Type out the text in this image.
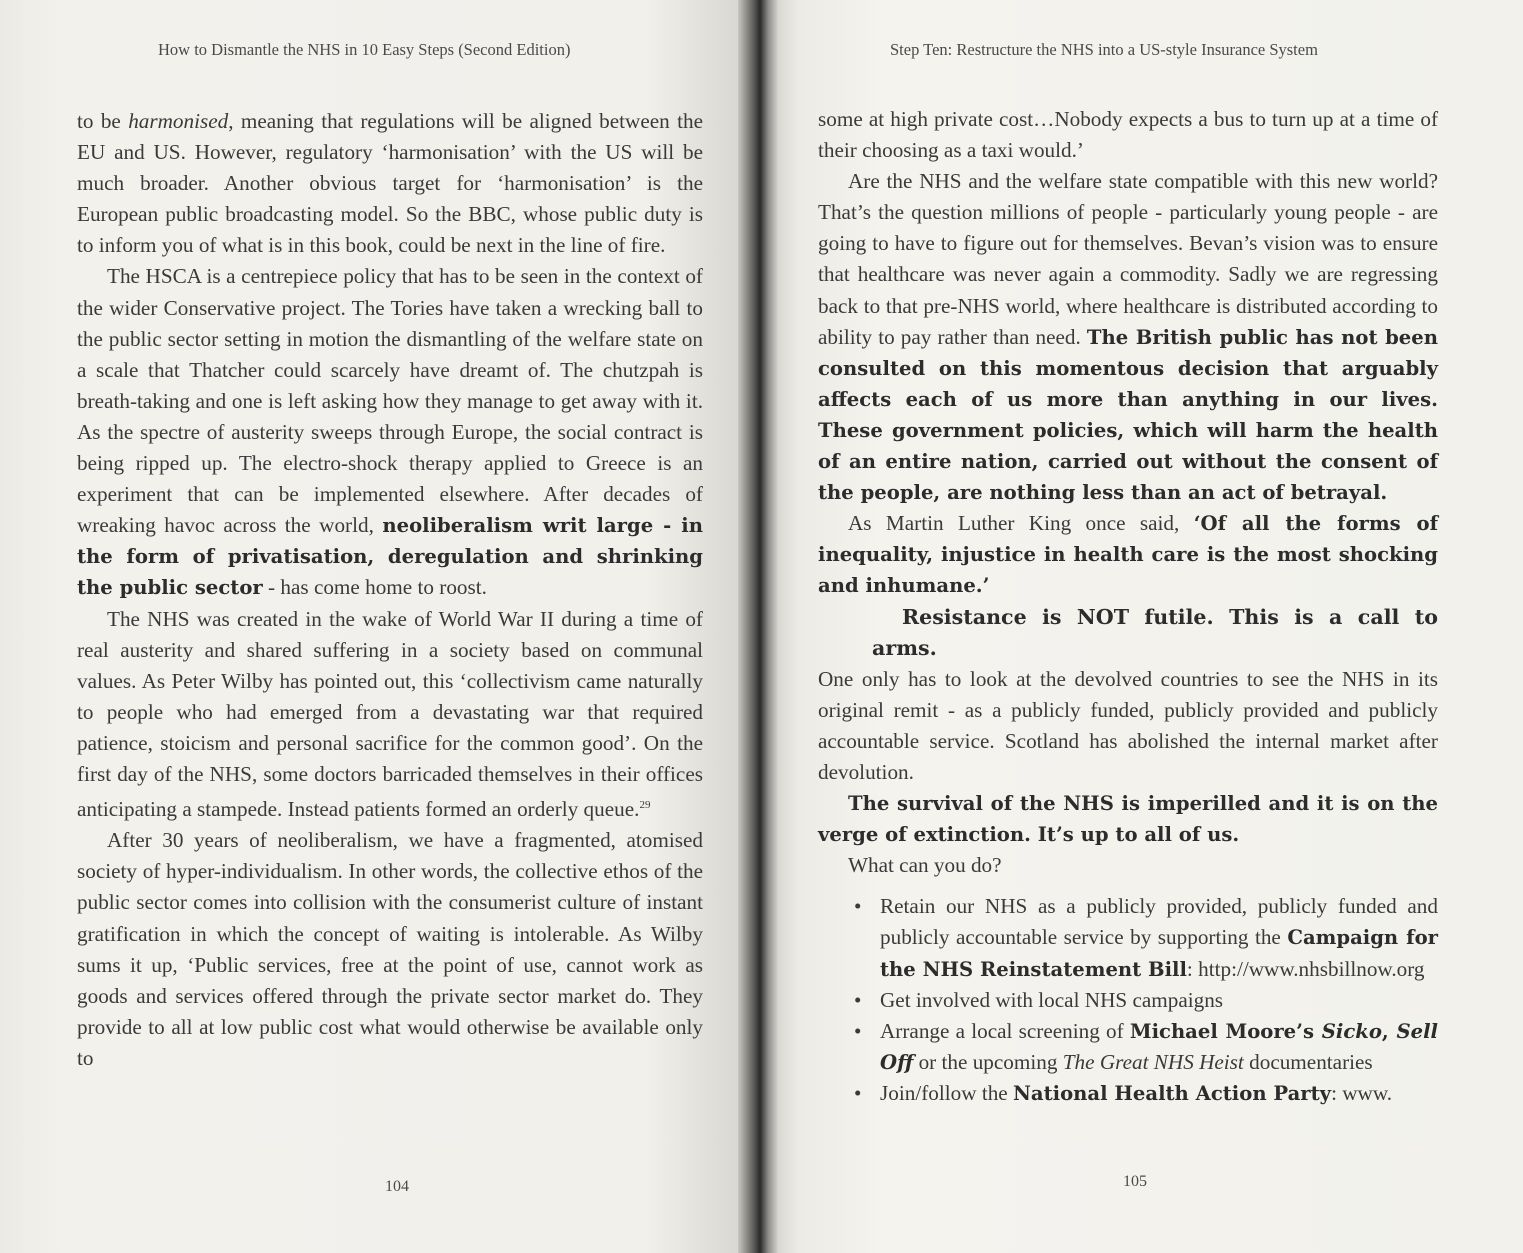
How to Dismantle the NHS in 10 Easy Steps (Second Edition)

to be harmonised, meaning that regulations will be aligned between the EU and US. However, regulatory ‘harmonisation’ with the US will be much broader. Another obvious target for ‘harmonisation’ is the European public broadcasting model. So the BBC, whose public duty is to inform you of what is in this book, could be next in the line of fire.

The HSCA is a centrepiece policy that has to be seen in the context of the wider Conservative project. The Tories have taken a wrecking ball to the public sector setting in motion the dismantling of the welfare state on a scale that Thatcher could scarcely have dreamt of. The chutzpah is breath-taking and one is left asking how they manage to get away with it. As the spectre of austerity sweeps through Europe, the social contract is being ripped up. The electro-shock therapy applied to Greece is an experiment that can be implemented elsewhere. After decades of wreaking havoc across the world, neoliberalism writ large - in the form of privatisation, deregulation and shrinking the public sector - has come home to roost.

The NHS was created in the wake of World War II during a time of real austerity and shared suffering in a society based on communal values. As Peter Wilby has pointed out, this ‘collectivism came naturally to people who had emerged from a devastating war that required patience, stoicism and personal sacrifice for the common good’. On the first day of the NHS, some doctors barricaded themselves in their offices anticipating a stampede. Instead patients formed an orderly queue.$^{29}$

After 30 years of neoliberalism, we have a fragmented, atomised society of hyper-individualism. In other words, the collective ethos of the public sector comes into collision with the consumerist culture of instant gratification in which the concept of waiting is intolerable. As Wilby sums it up, ‘Public services, free at the point of use, cannot work as goods and services offered through the private sector market do. They provide to all at low public cost what would otherwise be available only to

104
Step Ten: Restructure the NHS into a US-style Insurance System

some at high private cost…Nobody expects a bus to turn up at a time of their choosing as a taxi would.’

Are the NHS and the welfare state compatible with this new world? That’s the question millions of people - particularly young people - are going to have to figure out for themselves. Bevan’s vision was to ensure that healthcare was never again a commodity. Sadly we are regressing back to that pre-NHS world, where healthcare is distributed according to ability to pay rather than need. The British public has not been consulted on this momentous decision that arguably affects each of us more than anything in our lives. These government policies, which will harm the health of an entire nation, carried out without the consent of the people, are nothing less than an act of betrayal.

As Martin Luther King once said, ‘Of all the forms of inequality, injustice in health care is the most shocking and inhumane.’

Resistance is NOT futile. This is a call to arms.

One only has to look at the devolved countries to see the NHS in its original remit - as a publicly funded, publicly provided and publicly accountable service. Scotland has abolished the internal market after devolution.

The survival of the NHS is imperilled and it is on the verge of extinction. It’s up to all of us.

What can you do?

• Retain our NHS as a publicly provided, publicly funded and publicly accountable service by supporting the Campaign for the NHS Reinstatement Bill: http://www.nhsbillnow.org
• Get involved with local NHS campaigns
• Arrange a local screening of Michael Moore’s Sicko, Sell Off or the upcoming The Great NHS Heist documentaries
• Join/follow the National Health Action Party: www.
105
